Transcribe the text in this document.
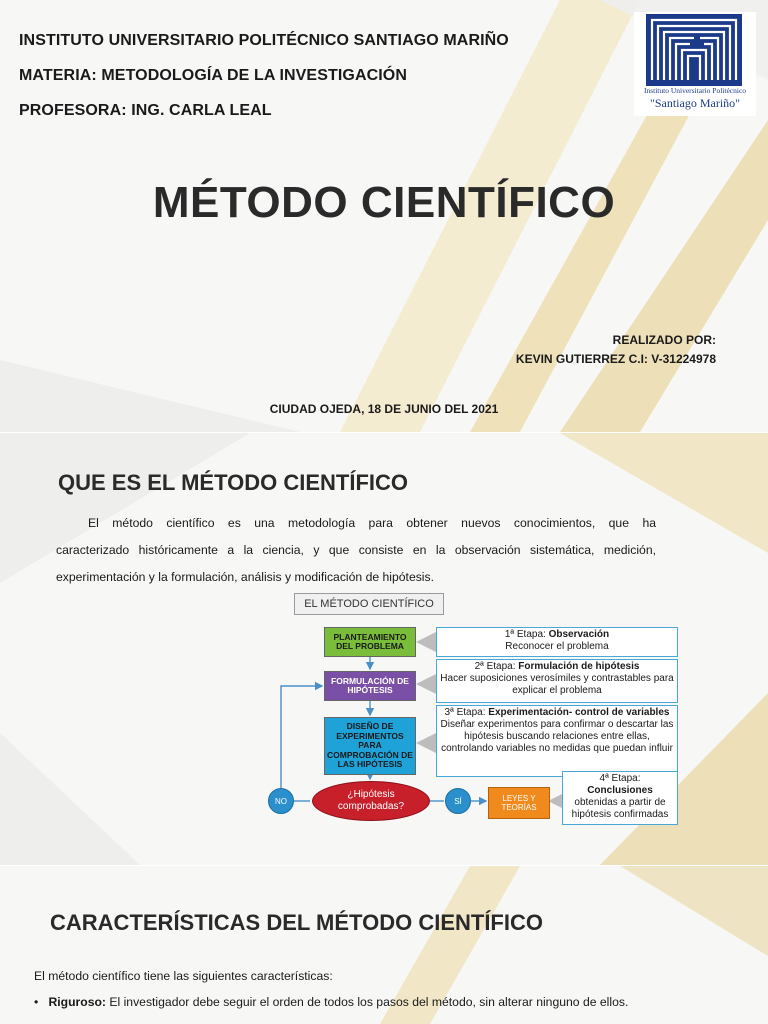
INSTITUTO UNIVERSITARIO POLITÉCNICO SANTIAGO MARIÑO
MATERIA: METODOLOGÍA DE LA INVESTIGACIÓN
PROFESORA: ING. CARLA LEAL
Instituto Universitario Politécnico
"Santiago Mariño"
MÉTODO CIENTÍFICO
REALIZADO POR:
KEVIN GUTIERREZ C.I: V-31224978
CIUDAD OJEDA, 18 DE JUNIO DEL 2021
QUE ES EL MÉTODO CIENTÍFICO
El método científico es una metodología para obtener nuevos conocimientos, que ha
caracterizado históricamente a la ciencia, y que consiste en la observación sistemática, medición,
experimentación y la formulación, análisis y modificación de hipótesis.
EL MÉTODO CIENTÍFICO
PLANTEAMIENTO DEL PROBLEMA
FORMULACIÓN DE HIPÓTESIS
DISEÑO DE EXPERIMENTOS PARA COMPROBACIÓN DE LAS HIPÓTESIS
1ª Etapa: Observación
Reconocer el problema
2ª Etapa: Formulación de hipótesis
Hacer suposiciones verosímiles y contrastables para explicar el problema
3ª Etapa: Experimentación- control de variables
Diseñar experimentos para confirmar o descartar las hipótesis buscando relaciones entre ellas, controlando variables no medidas que puedan influir
4ª Etapa:
Conclusiones
obtenidas a partir de hipótesis confirmadas
NO
¿Hipótesis comprobadas?	SÍ	LEYES Y TEORÍAS
CARACTERÍSTICAS DEL MÉTODO CIENTÍFICO
El método científico tiene las siguientes características:
•   Riguroso: El investigador debe seguir el orden de todos los pasos del método, sin alterar ninguno de ellos.
